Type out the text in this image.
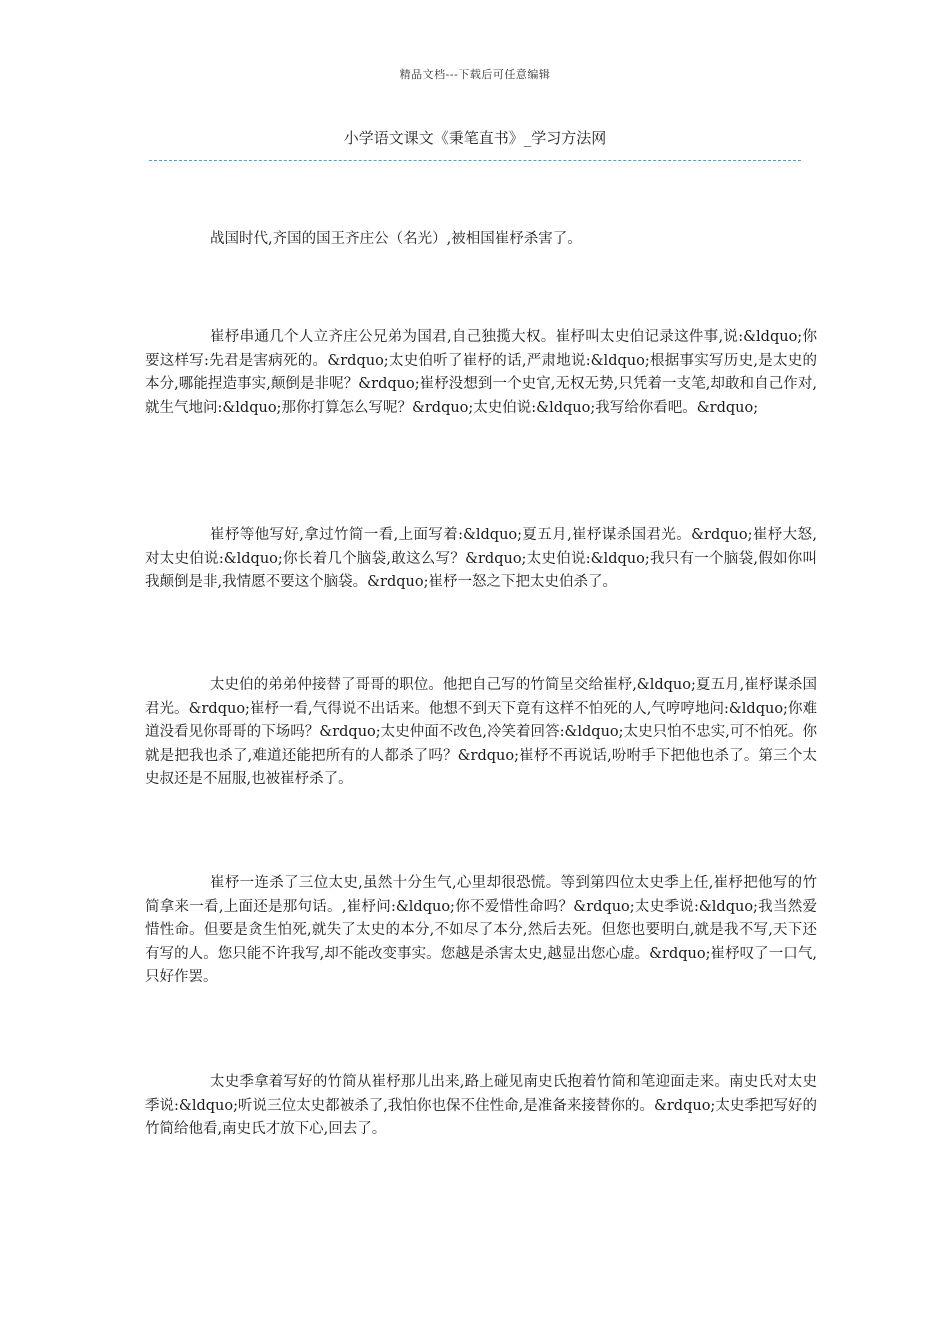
精品文档---下载后可任意编辑
小学语文课文《秉笔直书》_学习方法网

战国时代,齐国的国王齐庄公（名光）,被相国崔杼杀害了。

崔杼串通几个人立齐庄公兄弟为国君,自己独揽大权。崔杼叫太史伯记录这件事,说:&ldquo;你要这样写:先君是害病死的。&rdquo;太史伯听了崔杼的话,严肃地说:&ldquo;根据事实写历史,是太史的本分,哪能捏造事实,颠倒是非呢？&rdquo;崔杼没想到一个史官,无权无势,只凭着一支笔,却敢和自己作对,就生气地问:&ldquo;那你打算怎么写呢？&rdquo;太史伯说:&ldquo;我写给你看吧。&rdquo;

崔杼等他写好,拿过竹简一看,上面写着:&ldquo;夏五月,崔杼谋杀国君光。&rdquo;崔杼大怒,对太史伯说:&ldquo;你长着几个脑袋,敢这么写？&rdquo;太史伯说:&ldquo;我只有一个脑袋,假如你叫我颠倒是非,我情愿不要这个脑袋。&rdquo;崔杼一怒之下把太史伯杀了。

太史伯的弟弟仲接替了哥哥的职位。他把自己写的竹简呈交给崔杼,&ldquo;夏五月,崔杼谋杀国君光。&rdquo;崔杼一看,气得说不出话来。他想不到天下竟有这样不怕死的人,气哼哼地问:&ldquo;你难道没看见你哥哥的下场吗？&rdquo;太史仲面不改色,冷笑着回答:&ldquo;太史只怕不忠实,可不怕死。你就是把我也杀了,难道还能把所有的人都杀了吗？&rdquo;崔杼不再说话,吩咐手下把他也杀了。第三个太史叔还是不屈服,也被崔杼杀了。

崔杼一连杀了三位太史,虽然十分生气,心里却很恐慌。等到第四位太史季上任,崔杼把他写的竹简拿来一看,上面还是那句话。,崔杼问:&ldquo;你不爱惜性命吗？&rdquo;太史季说:&ldquo;我当然爱惜性命。但要是贪生怕死,就失了太史的本分,不如尽了本分,然后去死。但您也要明白,就是我不写,天下还有写的人。您只能不许我写,却不能改变事实。您越是杀害太史,越显出您心虚。&rdquo;崔杼叹了一口气,只好作罢。

太史季拿着写好的竹简从崔杼那儿出来,路上碰见南史氏抱着竹简和笔迎面走来。南史氏对太史季说:&ldquo;听说三位太史都被杀了,我怕你也保不住性命,是准备来接替你的。&rdquo;太史季把写好的竹简给他看,南史氏才放下心,回去了。
